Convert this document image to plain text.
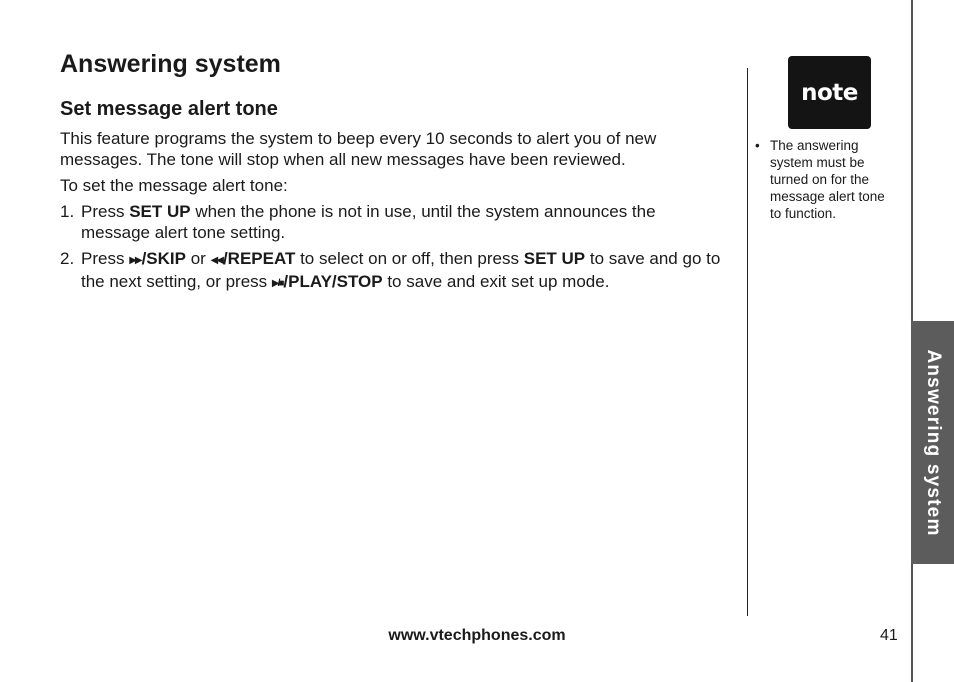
Answering system
Set message alert tone
This feature programs the system to beep every 10 seconds to alert you of new messages. The tone will stop when all new messages have been reviewed.
To set the message alert tone:
1. Press SET UP when the phone is not in use, until the system announces the message alert tone setting.
2. Press ▶▶/SKIP or ◀◀/REPEAT to select on or off, then press SET UP to save and go to the next setting, or press ▶/■/PLAY/STOP to save and exit set up mode.
note
• The answering system must be turned on for the message alert tone to function.
Answering system
www.vtechphones.com	41
